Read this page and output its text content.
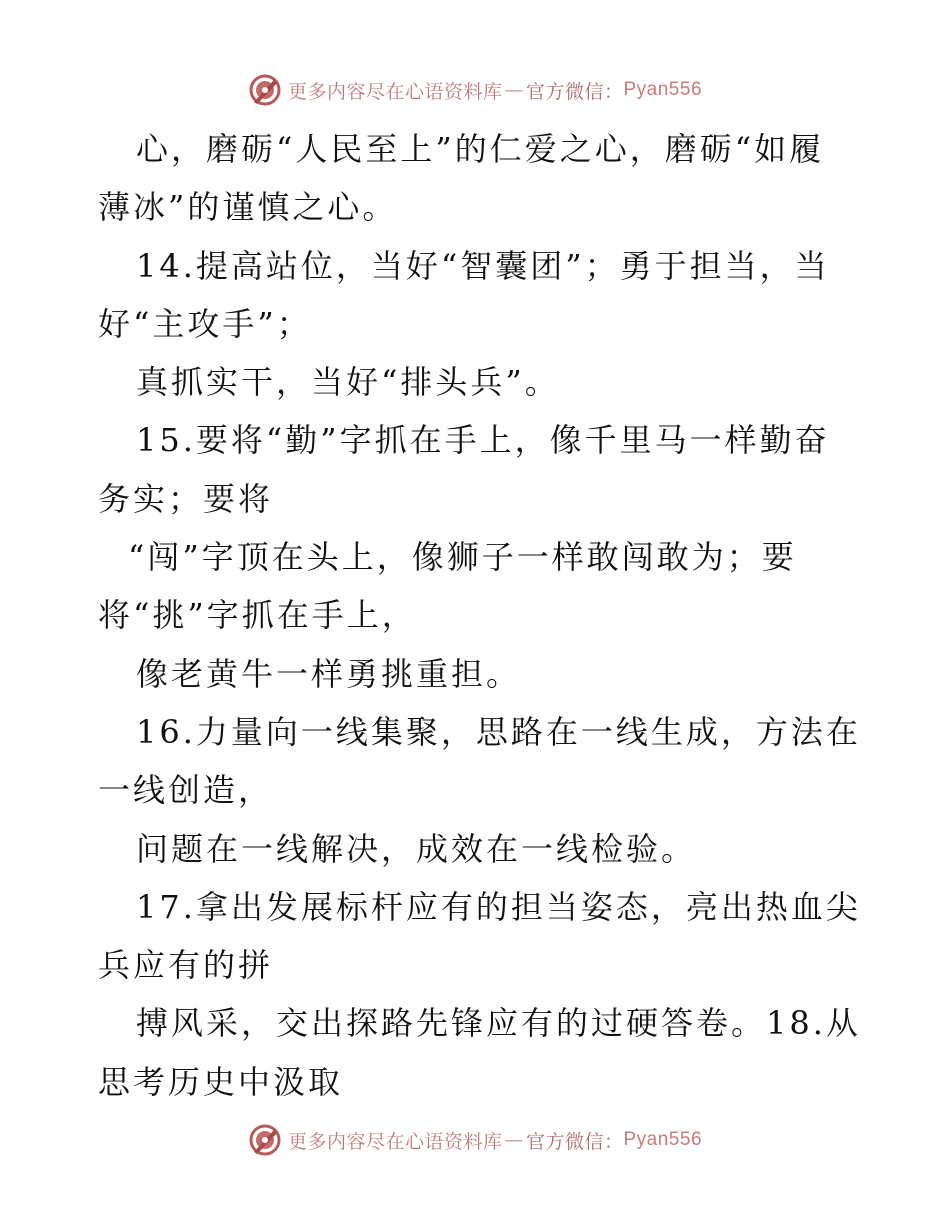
更多内容尽在心语资料库 — 官方微信： Pyan556
心，磨砺“人民至上”的仁爱之心，磨砺“如履
薄冰”的谨慎之心。
14.提高站位，当好“智囊团”；勇于担当，当
好“主攻手”；
真抓实干，当好“排头兵”。
15.要将“勤”字抓在手上，像千里马一样勤奋
务实；要将
“闯”字顶在头上，像狮子一样敢闯敢为；要
将“挑”字抓在手上，
像老黄牛一样勇挑重担。
16.力量向一线集聚，思路在一线生成，方法在
一线创造，
问题在一线解决，成效在一线检验。
17.拿出发展标杆应有的担当姿态，亮出热血尖
兵应有的拼
搏风采，交出探路先锋应有的过硬答卷。18.从
思考历史中汲取
更多内容尽在心语资料库 — 官方微信： Pyan556
